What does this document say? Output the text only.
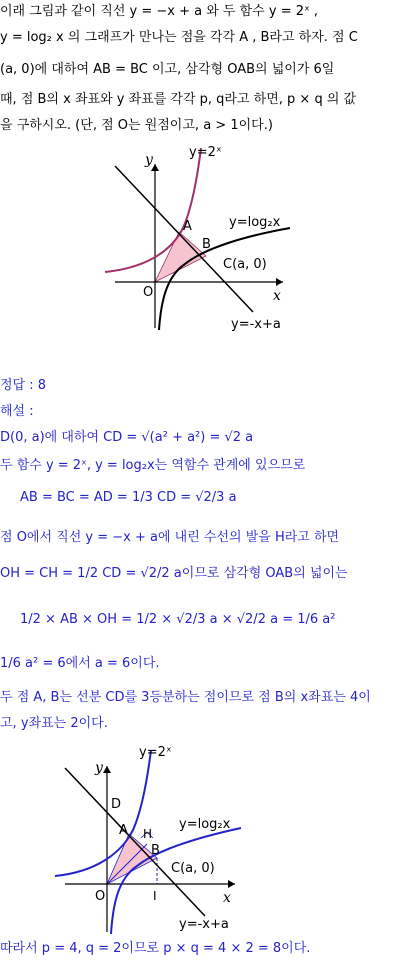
이래 그림과 같이 직선 y = −x + a 와 두 함수 y = 2ˣ ,
y = log₂ x 의 그래프가 만나는 점을 각각 A , B라고 하자. 점 C
(a, 0)에 대하여 AB = BC 이고, 삼각형 OAB의 넓이가 6일
때, 점 B의 x 좌표와 y 좌표를 각각 p, q라고 하면, p × q 의 값
을 구하시오. (단, 점 O는 원점이고, a > 1이다.)
y
x
O
y=2ˣ
y=log₂x
y=-x+a
A
B
C(a, 0)
정답 : 8
해설 :
D(0, a)에 대하여 CD = √(a² + a²) = √2 a
두 함수 y = 2ˣ, y = log₂x는 역함수 관계에 있으므로
AB = BC = AD = 1/3 CD = √2/3 a
점 O에서 직선 y = −x + a에 내린 수선의 발을 H라고 하면
OH = CH = 1/2 CD = √2/2 a이므로 삼각형 OAB의 넓이는
1/2 × AB × OH = 1/2 × √2/3 a × √2/2 a = 1/6 a²
1/6 a² = 6에서 a = 6이다.
두 점 A, B는 선분 CD를 3등분하는 점이므로 점 B의 x좌표는 4이
고, y좌표는 2이다.
y
x
O
y=2ˣ
y=log₂x
y=-x+a
D
A H
B
C(a, 0)
I
따라서 p = 4, q = 2이므로 p × q = 4 × 2 = 8이다.
